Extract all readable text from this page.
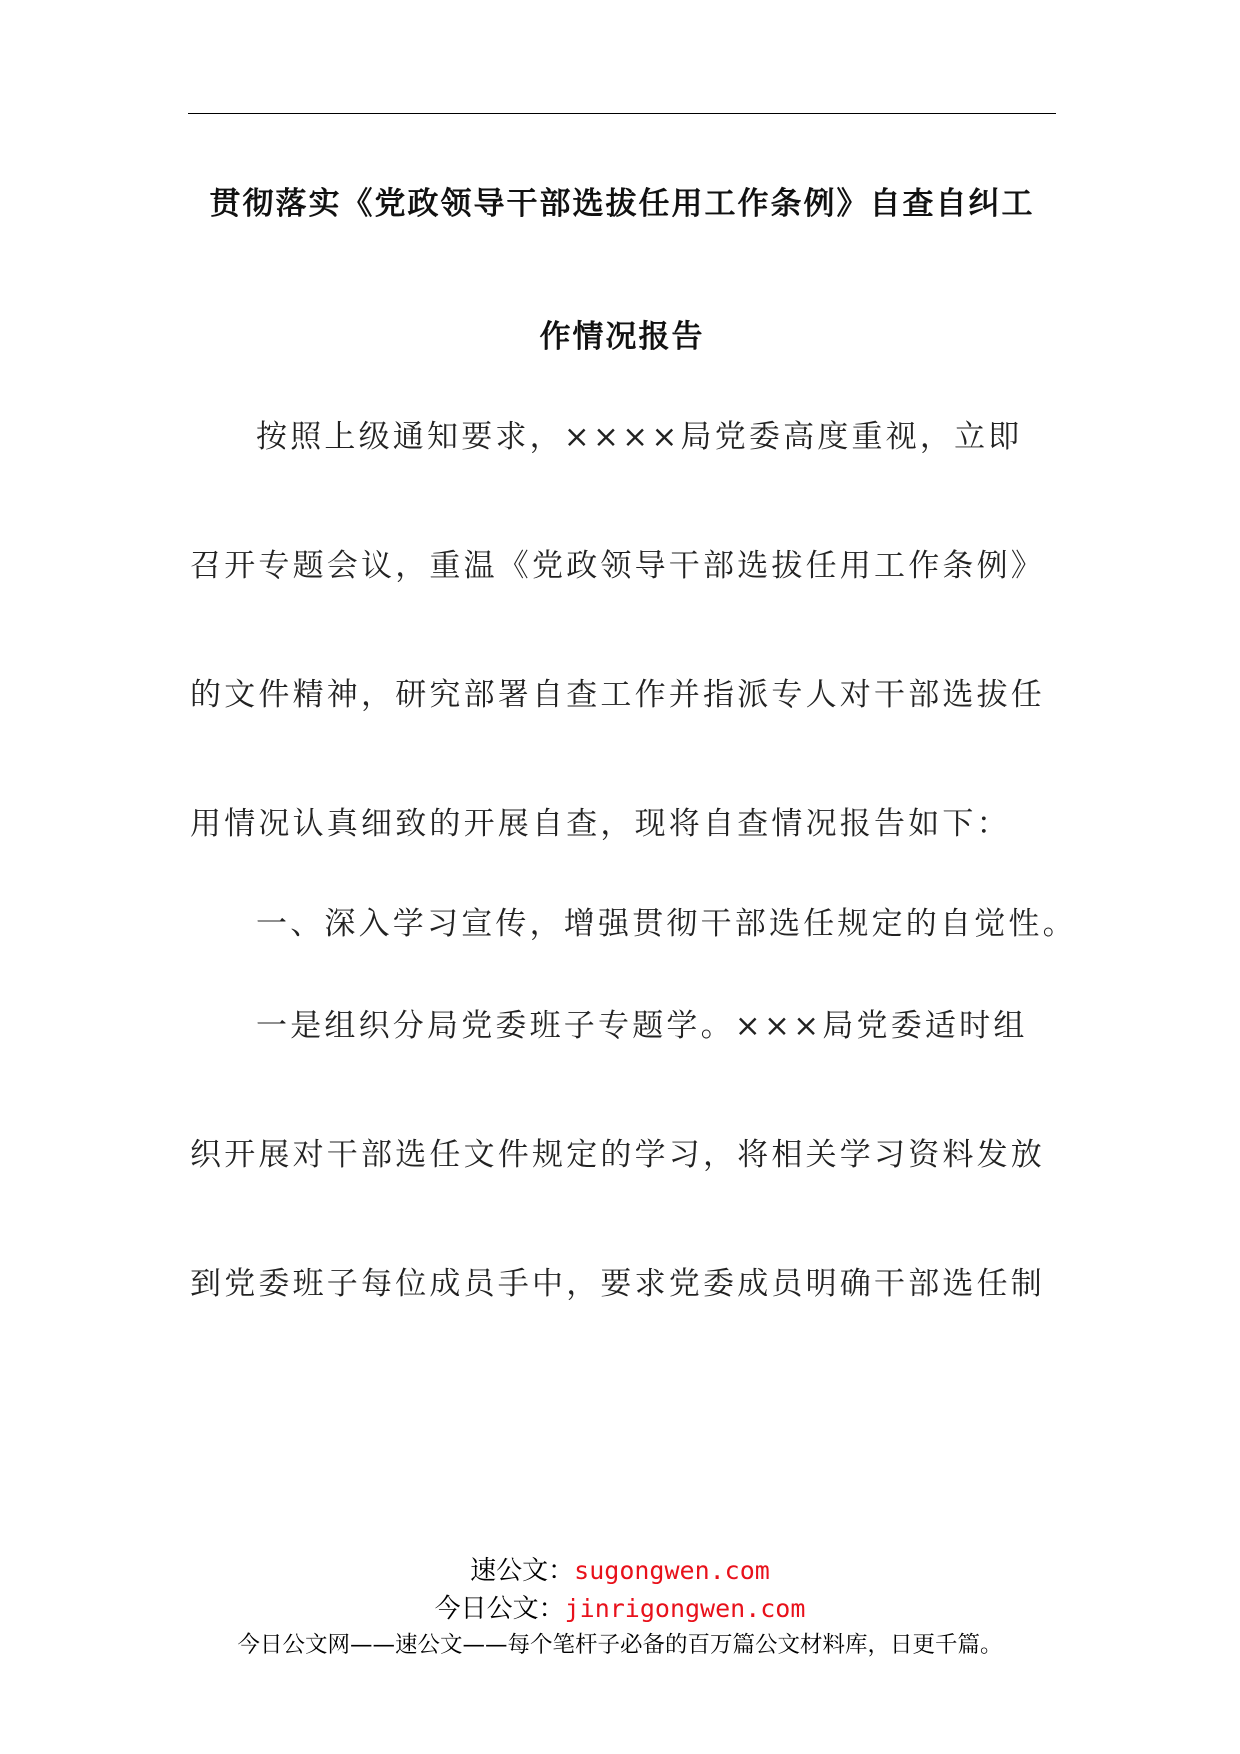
贯彻落实《党政领导干部选拔任用工作条例》自查自纠工
作情况报告
按照上级通知要求，××××局党委高度重视，立即
召开专题会议，重温《党政领导干部选拔任用工作条例》
的文件精神，研究部署自查工作并指派专人对干部选拔任
用情况认真细致的开展自查，现将自查情况报告如下：
一、深入学习宣传，增强贯彻干部选任规定的自觉性。
一是组织分局党委班子专题学。×××局党委适时组
织开展对干部选任文件规定的学习，将相关学习资料发放
到党委班子每位成员手中，要求党委成员明确干部选任制
速公文：sugongwen.com
今日公文：jinrigongwen.com
今日公文网——速公文——每个笔杆子必备的百万篇公文材料库，日更千篇。
